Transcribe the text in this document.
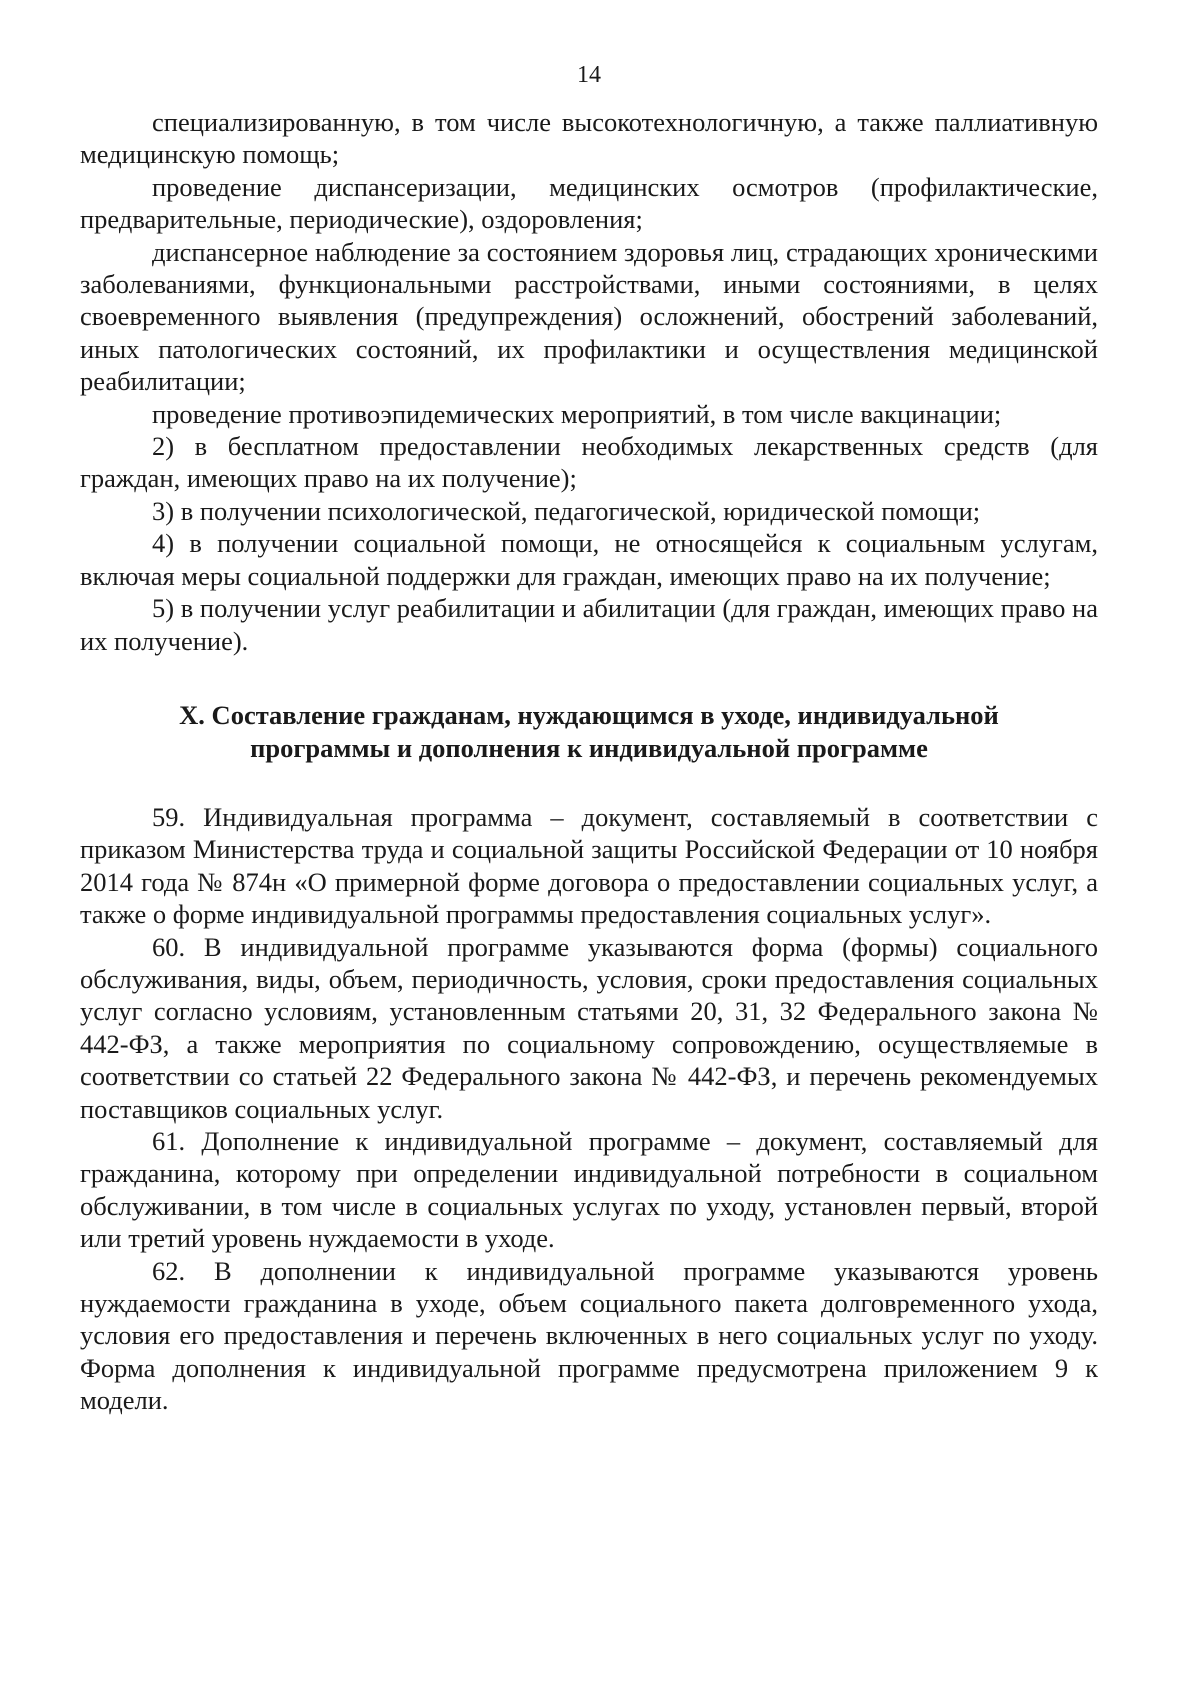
14

специализированную, в том числе высокотехнологичную, а также паллиативную медицинскую помощь;

проведение диспансеризации, медицинских осмотров (профилактические, предварительные, периодические), оздоровления;

диспансерное наблюдение за состоянием здоровья лиц, страдающих хроническими заболеваниями, функциональными расстройствами, иными состояниями, в целях своевременного выявления (предупреждения) осложнений, обострений заболеваний, иных патологических состояний, их профилактики и осуществления медицинской реабилитации;

проведение противоэпидемических мероприятий, в том числе вакцинации;

2) в бесплатном предоставлении необходимых лекарственных средств (для граждан, имеющих право на их получение);

3) в получении психологической, педагогической, юридической помощи;

4) в получении социальной помощи, не относящейся к социальным услугам, включая меры социальной поддержки для граждан, имеющих право на их получение;

5) в получении услуг реабилитации и абилитации (для граждан, имеющих право на их получение).

X. Составление гражданам, нуждающимся в уходе, индивидуальной
программы и дополнения к индивидуальной программе

59. Индивидуальная программа – документ, составляемый в соответствии с приказом Министерства труда и социальной защиты Российской Федерации от 10 ноября 2014 года № 874н «О примерной форме договора о предоставлении социальных услуг, а также о форме индивидуальной программы предоставления социальных услуг».

60. В индивидуальной программе указываются форма (формы) социального обслуживания, виды, объем, периодичность, условия, сроки предоставления социальных услуг согласно условиям, установленным статьями 20, 31, 32 Федерального закона № 442-ФЗ, а также мероприятия по социальному сопровождению, осуществляемые в соответствии со статьей 22 Федерального закона № 442-ФЗ, и перечень рекомендуемых поставщиков социальных услуг.

61. Дополнение к индивидуальной программе – документ, составляемый для гражданина, которому при определении индивидуальной потребности в социальном обслуживании, в том числе в социальных услугах по уходу, установлен первый, второй или третий уровень нуждаемости в уходе.

62. В дополнении к индивидуальной программе указываются уровень нуждаемости гражданина в уходе, объем социального пакета долговременного ухода, условия его предоставления и перечень включенных в него социальных услуг по уходу. Форма дополнения к индивидуальной программе предусмотрена приложением 9 к модели.
